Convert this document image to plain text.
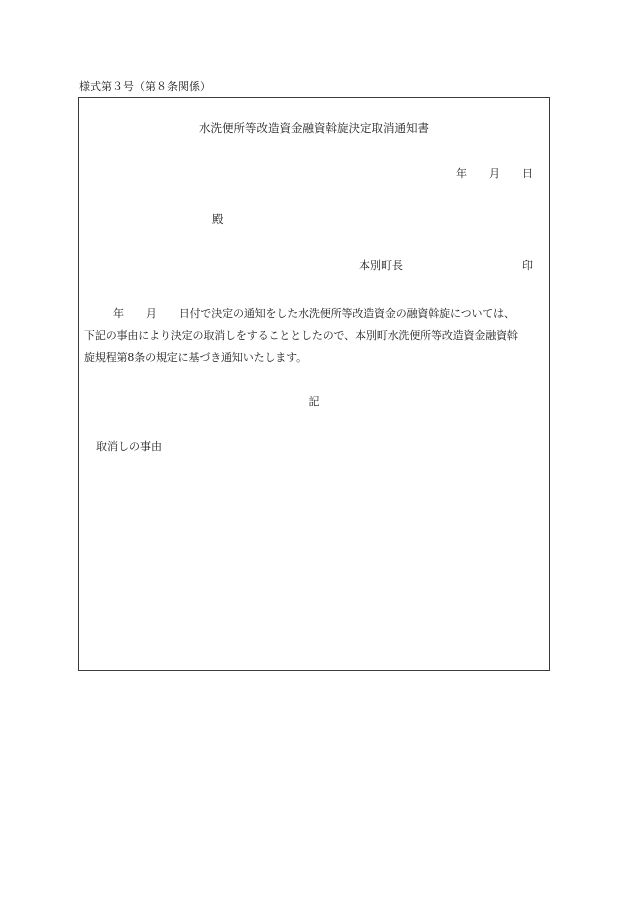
様式第３号（第８条関係）
水洗便所等改造資金融資斡旋決定取消通知書
年 月 日
殿
本別町長	印
年 月 日付で決定の通知をした水洗便所等改造資金の融資斡旋については、
下記の事由により決定の取消しをすることとしたので、本別町水洗便所等改造資金融資斡
旋規程第8条の規定に基づき通知いたします。
記
取消しの事由
